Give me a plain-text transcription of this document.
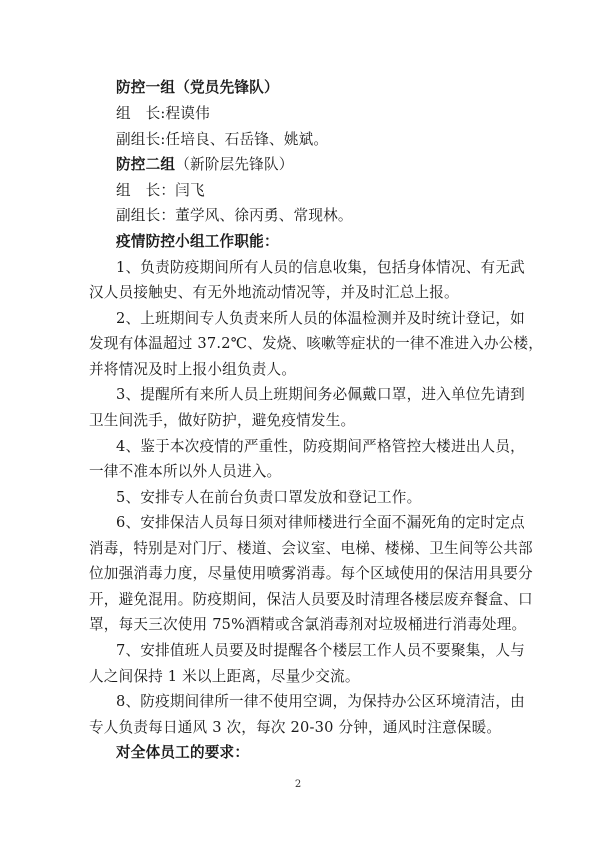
防控一组（党员先锋队）
组　长:程谟伟
副组长:任培良、石岳锋、姚斌。
防控二组（新阶层先锋队）
组　长：闫飞
副组长：董学风、徐丙勇、常现林。
疫情防控小组工作职能：
1、负责防疫期间所有人员的信息收集，包括身体情况、有无武
汉人员接触史、有无外地流动情况等，并及时汇总上报。
2、上班期间专人负责来所人员的体温检测并及时统计登记，如
发现有体温超过 37.2℃、发烧、咳嗽等症状的一律不准进入办公楼，
并将情况及时上报小组负责人。
3、提醒所有来所人员上班期间务必佩戴口罩，进入单位先请到
卫生间洗手，做好防护，避免疫情发生。
4、鉴于本次疫情的严重性，防疫期间严格管控大楼进出人员，
一律不准本所以外人员进入。
5、安排专人在前台负责口罩发放和登记工作。
6、安排保洁人员每日须对律师楼进行全面不漏死角的定时定点
消毒，特别是对门厅、楼道、会议室、电梯、楼梯、卫生间等公共部
位加强消毒力度，尽量使用喷雾消毒。每个区域使用的保洁用具要分
开，避免混用。防疫期间，保洁人员要及时清理各楼层废弃餐盒、口
罩，每天三次使用 75%酒精或含氯消毒剂对垃圾桶进行消毒处理。
7、安排值班人员要及时提醒各个楼层工作人员不要聚集，人与
人之间保持 1 米以上距离，尽量少交流。
8、防疫期间律所一律不使用空调，为保持办公区环境清洁，由
专人负责每日通风 3 次，每次 20-30 分钟，通风时注意保暖。
对全体员工的要求：
2
